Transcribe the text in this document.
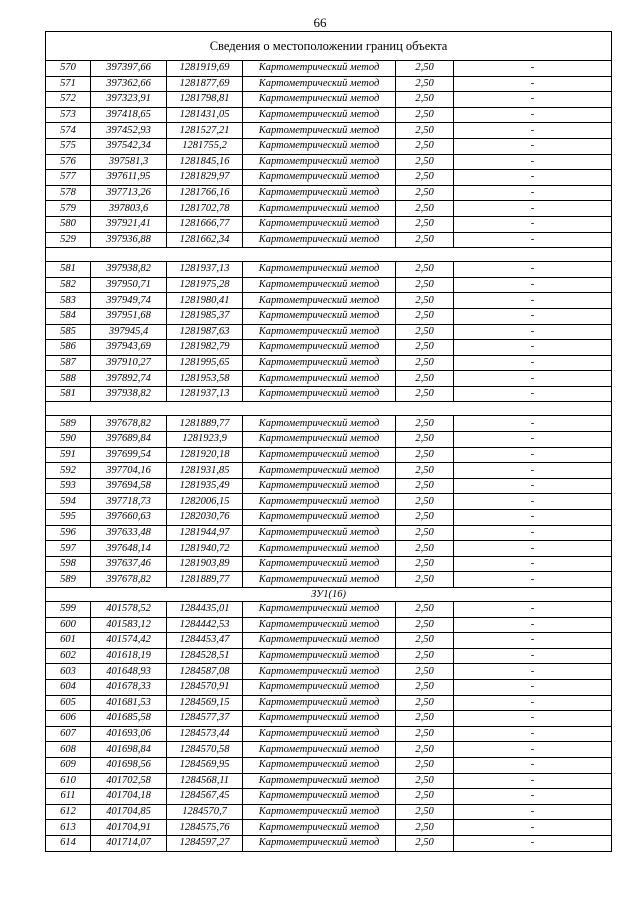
66
Сведения о местоположении границ объекта					
570	397397,66	1281919,69	Картометрический метод	2,50	-
571	397362,66	1281877,69	Картометрический метод	2,50	-
572	397323,91	1281798,81	Картометрический метод	2,50	-
573	397418,65	1281431,05	Картометрический метод	2,50	-
574	397452,93	1281527,21	Картометрический метод	2,50	-
575	397542,34	1281755,2	Картометрический метод	2,50	-
576	397581,3	1281845,16	Картометрический метод	2,50	-
577	397611,95	1281829,97	Картометрический метод	2,50	-
578	397713,26	1281766,16	Картометрический метод	2,50	-
579	397803,6	1281702,78	Картометрический метод	2,50	-
580	397921,41	1281666,77	Картометрический метод	2,50	-
529	397936,88	1281662,34	Картометрический метод	2,50	-

581	397938,82	1281937,13	Картометрический метод	2,50	-
582	397950,71	1281975,28	Картометрический метод	2,50	-
583	397949,74	1281980,41	Картометрический метод	2,50	-
584	397951,68	1281985,37	Картометрический метод	2,50	-
585	397945,4	1281987,63	Картометрический метод	2,50	-
586	397943,69	1281982,79	Картометрический метод	2,50	-
587	397910,27	1281995,65	Картометрический метод	2,50	-
588	397892,74	1281953,58	Картометрический метод	2,50	-
581	397938,82	1281937,13	Картометрический метод	2,50	-

589	397678,82	1281889,77	Картометрический метод	2,50	-
590	397689,84	1281923,9	Картометрический метод	2,50	-
591	397699,54	1281920,18	Картометрический метод	2,50	-
592	397704,16	1281931,85	Картометрический метод	2,50	-
593	397694,58	1281935,49	Картометрический метод	2,50	-
594	397718,73	1282006,15	Картометрический метод	2,50	-
595	397660,63	1282030,76	Картометрический метод	2,50	-
596	397633,48	1281944,97	Картометрический метод	2,50	-
597	397648,14	1281940,72	Картометрический метод	2,50	-
598	397637,46	1281903,89	Картометрический метод	2,50	-
589	397678,82	1281889,77	Картометрический метод	2,50	-
ЗУ1(16)					
599	401578,52	1284435,01	Картометрический метод	2,50	-
600	401583,12	1284442,53	Картометрический метод	2,50	-
601	401574,42	1284453,47	Картометрический метод	2,50	-
602	401618,19	1284528,51	Картометрический метод	2,50	-
603	401648,93	1284587,08	Картометрический метод	2,50	-
604	401678,33	1284570,91	Картометрический метод	2,50	-
605	401681,53	1284569,15	Картометрический метод	2,50	-
606	401685,58	1284577,37	Картометрический метод	2,50	-
607	401693,06	1284573,44	Картометрический метод	2,50	-
608	401698,84	1284570,58	Картометрический метод	2,50	-
609	401698,56	1284569,95	Картометрический метод	2,50	-
610	401702,58	1284568,11	Картометрический метод	2,50	-
611	401704,18	1284567,45	Картометрический метод	2,50	-
612	401704,85	1284570,7	Картометрический метод	2,50	-
613	401704,91	1284575,76	Картометрический метод	2,50	-
614	401714,07	1284597,27	Картометрический метод	2,50	-
